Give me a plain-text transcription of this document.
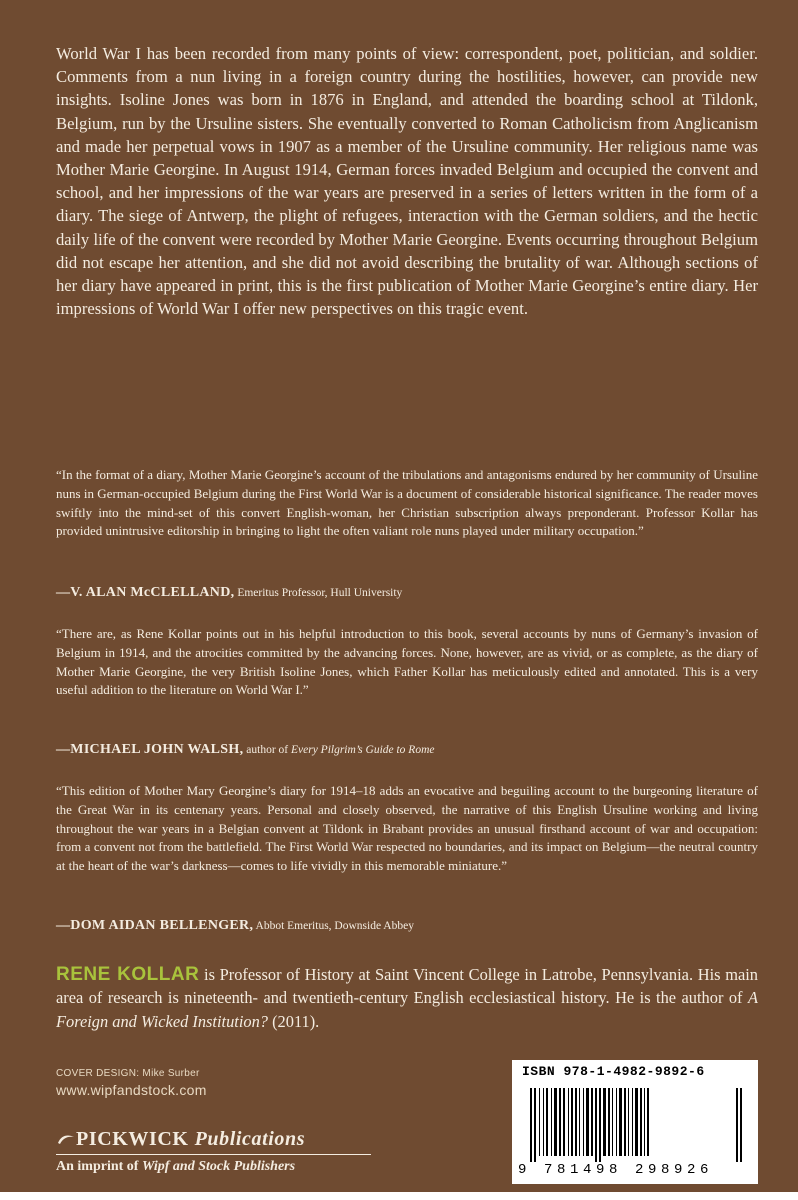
World War I has been recorded from many points of view: correspondent, poet, politician, and soldier. Comments from a nun living in a foreign country during the hostilities, however, can provide new insights. Isoline Jones was born in 1876 in England, and attended the boarding school at Tildonk, Belgium, run by the Ursuline sisters. She eventually converted to Roman Catholicism from Anglicanism and made her perpetual vows in 1907 as a member of the Ursuline community. Her religious name was Mother Marie Georgine. In August 1914, German forces invaded Belgium and occupied the convent and school, and her impressions of the war years are preserved in a series of letters written in the form of a diary. The siege of Antwerp, the plight of refugees, interaction with the German soldiers, and the hectic daily life of the convent were recorded by Mother Marie Georgine. Events occurring throughout Belgium did not escape her attention, and she did not avoid describing the brutality of war. Although sections of her diary have appeared in print, this is the first publication of Mother Marie Georgine’s entire diary. Her impressions of World War I offer new perspectives on this tragic event.

“In the format of a diary, Mother Marie Georgine’s account of the tribulations and antagonisms endured by her community of Ursuline nuns in German-occupied Belgium during the First World War is a document of considerable historical significance. The reader moves swiftly into the mind-set of this convert English-woman, her Christian subscription always preponderant. Professor Kollar has provided unintrusive editorship in bringing to light the often valiant role nuns played under military occupation.”

—V. ALAN McCLELLAND, Emeritus Professor, Hull University

“There are, as Rene Kollar points out in his helpful introduction to this book, several accounts by nuns of Germany’s invasion of Belgium in 1914, and the atrocities committed by the advancing forces. None, however, are as vivid, or as complete, as the diary of Mother Marie Georgine, the very British Isoline Jones, which Father Kollar has meticulously edited and annotated. This is a very useful addition to the literature on World War I.”

—MICHAEL JOHN WALSH, author of Every Pilgrim’s Guide to Rome

“This edition of Mother Mary Georgine’s diary for 1914–18 adds an evocative and beguiling account to the burgeoning literature of the Great War in its centenary years. Personal and closely observed, the narrative of this English Ursuline working and living throughout the war years in a Belgian convent at Tildonk in Brabant provides an unusual firsthand account of war and occupation: from a convent not from the battlefield. The First World War respected no boundaries, and its impact on Belgium—the neutral country at the heart of the war’s darkness—comes to life vividly in this memorable miniature.”

—DOM AIDAN BELLENGER, Abbot Emeritus, Downside Abbey

RENE KOLLAR is Professor of History at Saint Vincent College in Latrobe, Pennsylvania. His main area of research is nineteenth- and twentieth-century English ecclesiastical history. He is the author of A Foreign and Wicked Institution? (2011).

COVER DESIGN: Mike Surber
www.wipfandstock.com
PICKWICK Publications
An imprint of Wipf and Stock Publishers
ISBN 978-1-4982-9892-6
9 781498 298926
